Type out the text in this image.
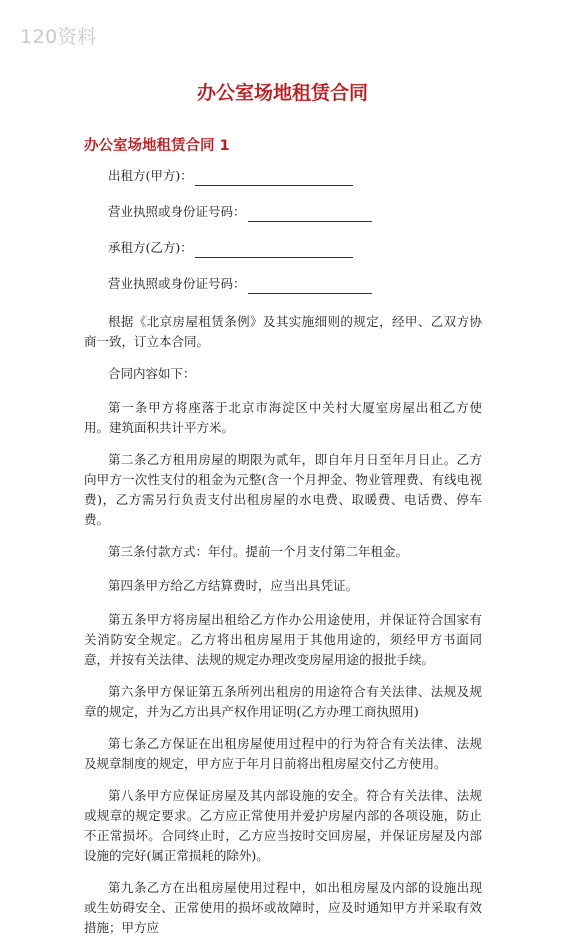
120资料
办公室场地租赁合同
办公室场地租赁合同 1
出租方(甲方)：
营业执照或身份证号码：
承租方(乙方)：
营业执照或身份证号码：

根据《北京房屋租赁条例》及其实施细则的规定，经甲、乙双方协商一致，订立本合同。

合同内容如下：

第一条甲方将座落于北京市海淀区中关村大厦室房屋出租乙方使用。建筑面积共计平方米。

第二条乙方租用房屋的期限为贰年，即自年月日至年月日止。乙方向甲方一次性支付的租金为元整(含一个月押金、物业管理费、有线电视费)，乙方需另行负责支付出租房屋的水电费、取暖费、电话费、停车费。

第三条付款方式：年付。提前一个月支付第二年租金。

第四条甲方给乙方结算费时，应当出具凭证。

第五条甲方将房屋出租给乙方作办公用途使用，并保证符合国家有关消防安全规定。乙方将出租房屋用于其他用途的，须经甲方书面同意，并按有关法律、法规的规定办理改变房屋用途的报批手续。

第六条甲方保证第五条所列出租房的用途符合有关法律、法规及规章的规定，并为乙方出具产权作用证明(乙方办理工商执照用)

第七条乙方保证在出租房屋使用过程中的行为符合有关法律、法规及规章制度的规定，甲方应于年月日前将出租房屋交付乙方使用。

第八条甲方应保证房屋及其内部设施的安全。符合有关法律、法规或规章的规定要求。乙方应正常使用并爱护房屋内部的各项设施，防止不正常损坏。合同终止时，乙方应当按时交回房屋，并保证房屋及内部设施的完好(属正常损耗的除外)。

第九条乙方在出租房屋使用过程中，如出租房屋及内部的设施出现或生妨碍安全、正常使用的损坏或故障时，应及时通知甲方并采取有效措施；甲方应
